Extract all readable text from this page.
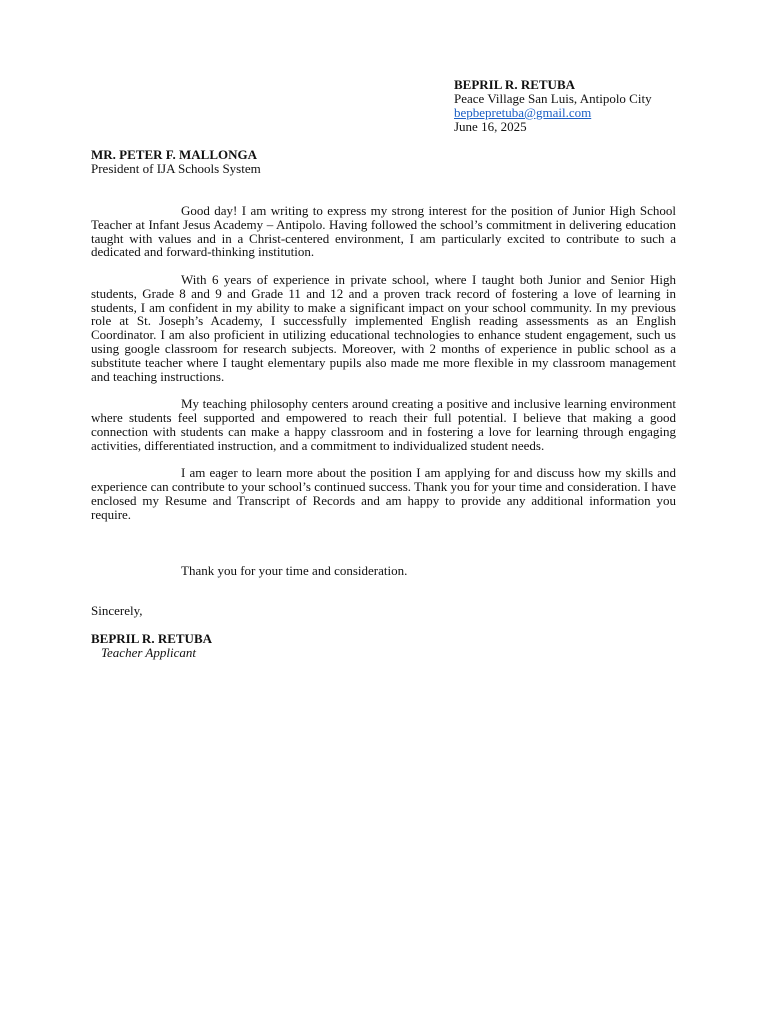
BEPRIL R. RETUBA
Peace Village San Luis, Antipolo City
bepbepretuba@gmail.com
June 16, 2025
MR. PETER F. MALLONGA
President of IJA Schools System

Good day! I am writing to express my strong interest for the position of Junior High School Teacher at Infant Jesus Academy – Antipolo. Having followed the school’s commitment in delivering education taught with values and in a Christ-centered environment, I am particularly excited to contribute to such a dedicated and forward-thinking institution.

With 6 years of experience in private school, where I taught both Junior and Senior High students, Grade 8 and 9 and Grade 11 and 12 and a proven track record of fostering a love of learning in students, I am confident in my ability to make a significant impact on your school community. In my previous role at St. Joseph’s Academy, I successfully implemented English reading assessments as an English Coordinator. I am also proficient in utilizing educational technologies to enhance student engagement, such us using google classroom for research subjects. Moreover, with 2 months of experience in public school as a substitute teacher where I taught elementary pupils also made me more flexible in my classroom management and teaching instructions.

My teaching philosophy centers around creating a positive and inclusive learning environment where students feel supported and empowered to reach their full potential. I believe that making a good connection with students can make a happy classroom and in fostering a love for learning through engaging activities, differentiated instruction, and a commitment to individualized student needs.

I am eager to learn more about the position I am applying for and discuss how my skills and experience can contribute to your school’s continued success. Thank you for your time and consideration. I have enclosed my Resume and Transcript of Records and am happy to provide any additional information you require.

Thank you for your time and consideration.
Sincerely,
BEPRIL R. RETUBA
Teacher Applicant
